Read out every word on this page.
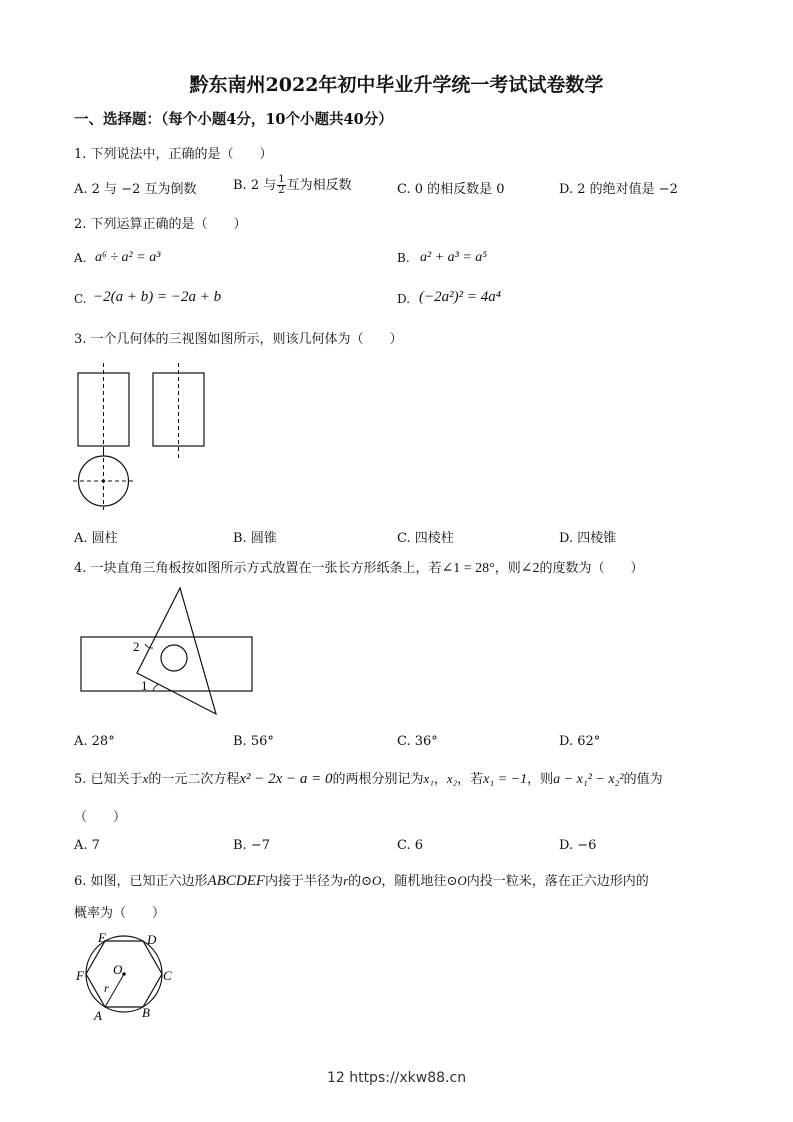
黔东南州2022年初中毕业升学统一考试试卷数学
一、选择题：（每个小题4分，10个小题共40分）
1. 下列说法中，正确的是（　　）
A. 2 与 −2 互为倒数	B. 2 与 $\frac{1}{2}$ 互为相反数	C. 0 的相反数是 0	D. 2 的绝对值是 −2
2. 下列运算正确的是（　　）
A. a⁶ ÷ a² = a³	B. a² + a³ = a⁵
C. −2(a + b) = −2a + b	D. (−2a²)² = 4a⁴
3. 一个几何体的三视图如图所示，则该几何体为（　　）
A. 圆柱	B. 圆锥	C. 四棱柱	D. 四棱锥
4. 一块直角三角板按如图所示方式放置在一张长方形纸条上，若∠1 = 28°，则∠2的度数为（　　）
2
1
A. 28°	B. 56°	C. 36°	D. 62°
5. 已知关于x的一元二次方程x² − 2x − a = 0的两根分别记为x₁，x₂，若x₁ = −1，则a − x₁² − x₂²的值为
（　　）
A. 7	B. −7	C. 6	D. −6
6. 如图，已知正六边形ABCDEF内接于半径为r的⊙O，随机地往⊙O内投一粒米，落在正六边形内的
概率为（　　）
E	D
F	C
O
r
A	B
12 https://xkw88.cn
